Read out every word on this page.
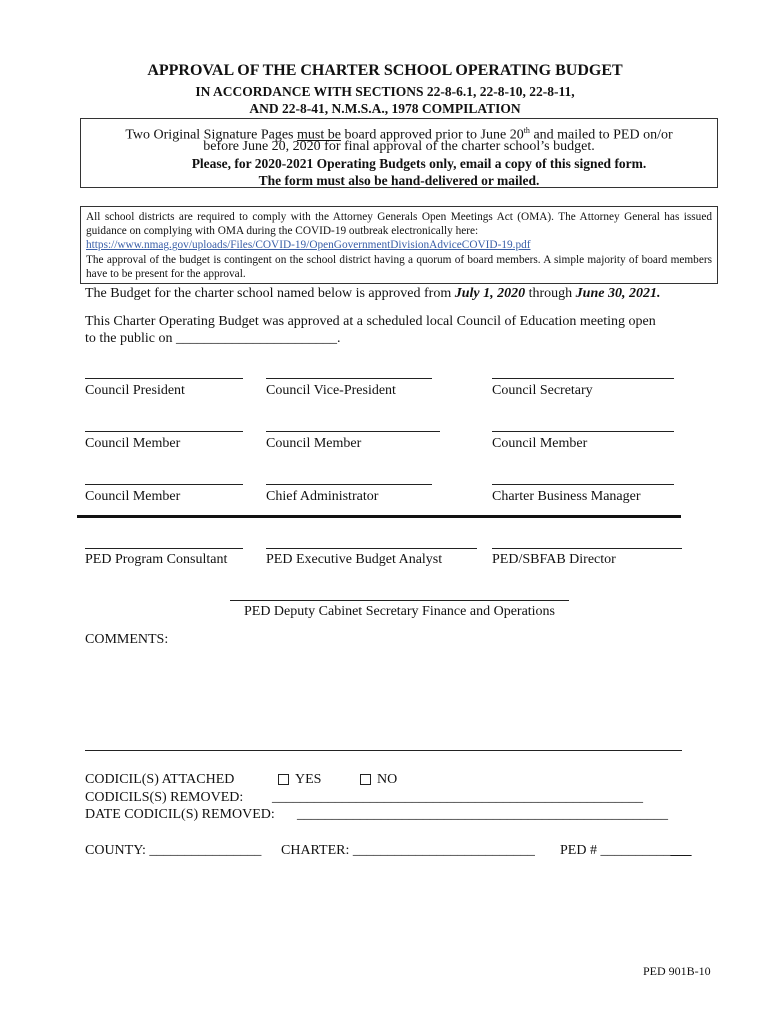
APPROVAL OF THE CHARTER SCHOOL OPERATING BUDGET
IN ACCORDANCE WITH SECTIONS 22-8-6.1, 22-8-10, 22-8-11,
AND 22-8-41, N.M.S.A., 1978 COMPILATION
Two Original Signature Pages must be board approved prior to June 20th and mailed to PED on/or
before June 20, 2020 for final approval of the charter school’s budget.
Please, for 2020-2021 Operating Budgets only, email a copy of this signed form.
The form must also be hand-delivered or mailed.
All school districts are required to comply with the Attorney Generals Open Meetings Act (OMA). The Attorney General has issued guidance on complying with OMA during the COVID-19 outbreak electronically here:
https://www.nmag.gov/uploads/Files/COVID-19/OpenGovernmentDivisionAdviceCOVID-19.pdf
The approval of the budget is contingent on the school district having a quorum of board members. A simple majority of board members have to be present for the approval.
The Budget for the charter school named below is approved from July 1, 2020 through June 30, 2021.
This Charter Operating Budget was approved at a scheduled local Council of Education meeting open
to the public on _______________________.
Council President	Council Vice-President	Council Secretary
Council Member	Council Member	Council Member
Council Member	Chief Administrator	Charter Business Manager
PED Program Consultant	PED Executive Budget Analyst	PED/SBFAB Director
PED Deputy Cabinet Secretary Finance and Operations
COMMENTS:
CODICIL(S) ATTACHED	YES	NO
CODICILS(S) REMOVED: _____________________________________________________
DATE CODICIL(S) REMOVED: _____________________________________________________
COUNTY: ________________ CHARTER: __________________________ PED # _____________
PED 901B-10
